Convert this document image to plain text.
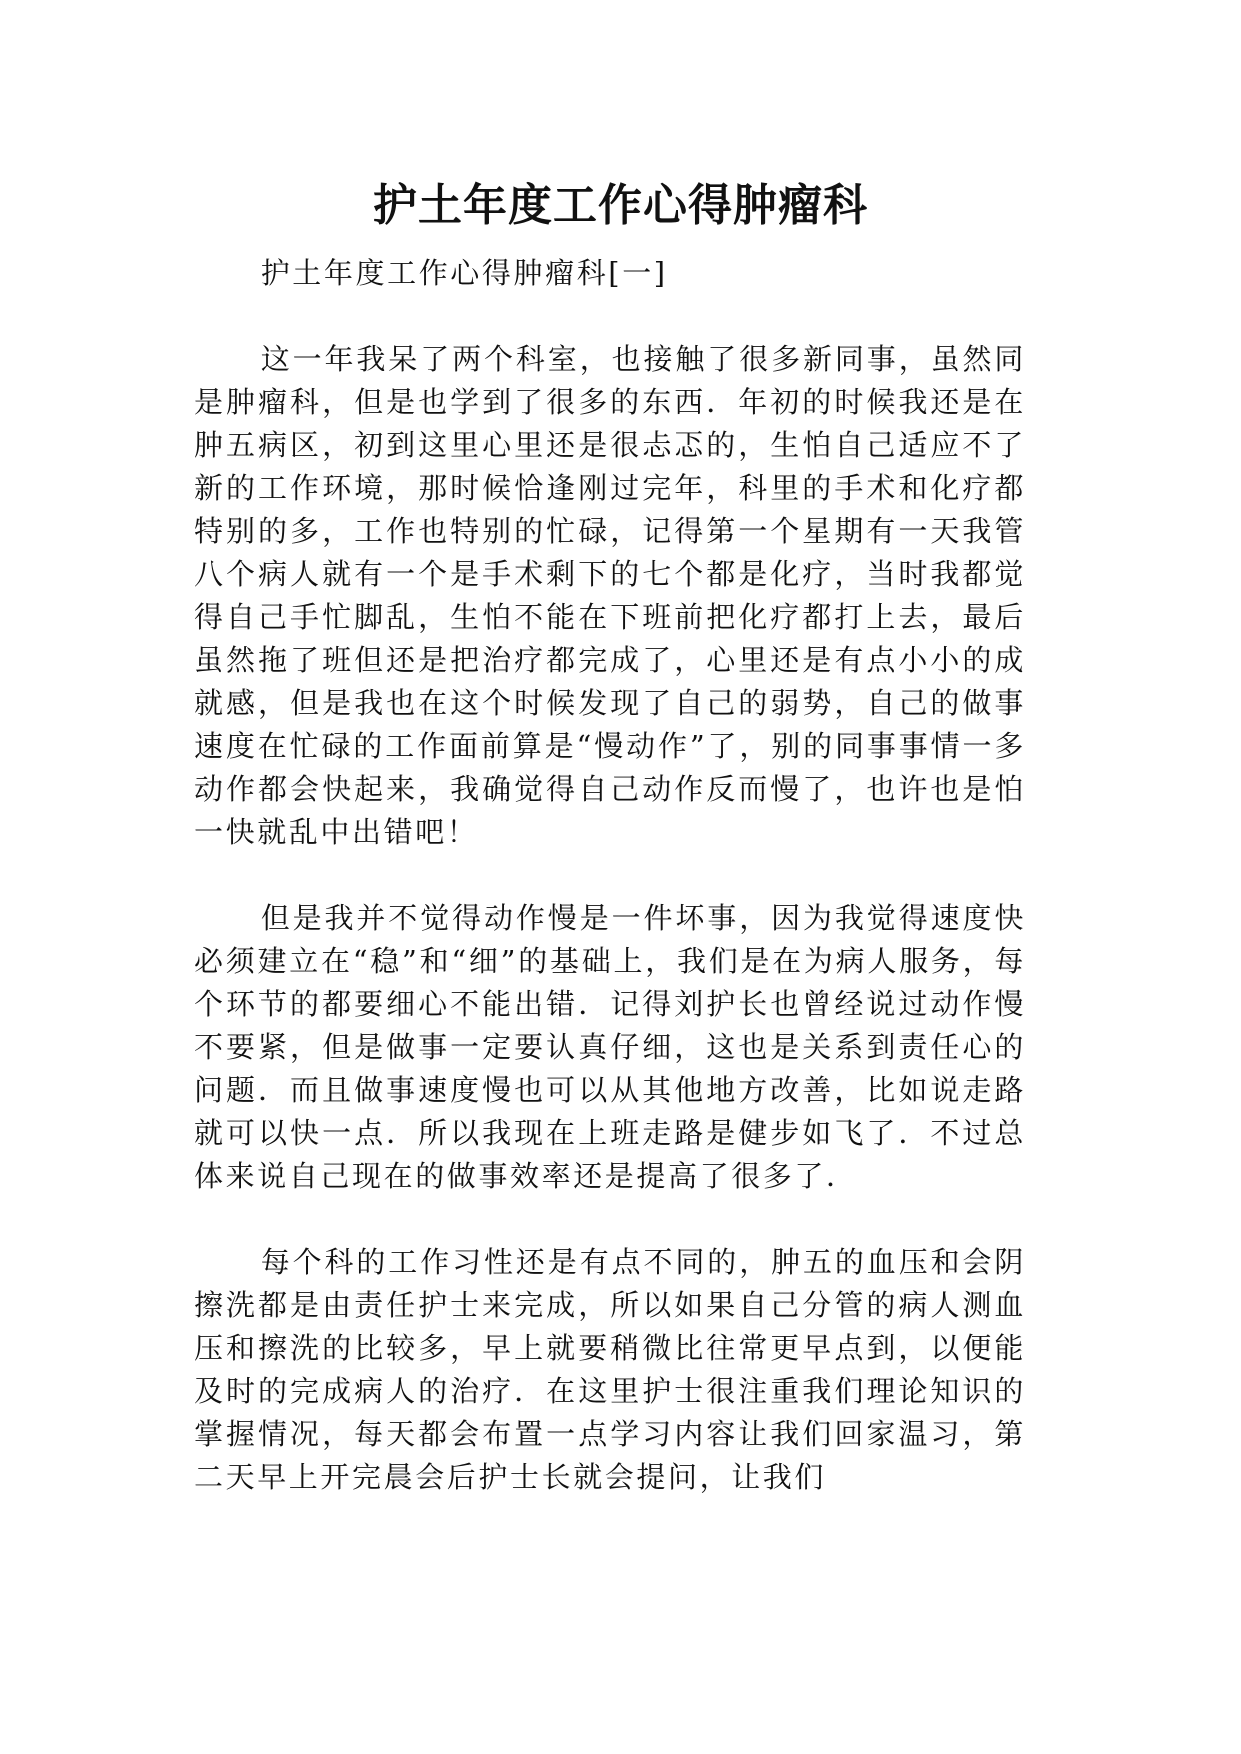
护土年度工作心得肿瘤科

护土年度工作心得肿瘤科[一]

这一年我呆了两个科室，也接触了很多新同事，虽然同是肿瘤科，但是也学到了很多的东西．年初的时候我还是在肿五病区，初到这里心里还是很忐忑的，生怕自己适应不了新的工作环境，那时候恰逢刚过完年，科里的手术和化疗都特别的多，工作也特别的忙碌，记得第一个星期有一天我管八个病人就有一个是手术剩下的七个都是化疗，当时我都觉得自己手忙脚乱，生怕不能在下班前把化疗都打上去，最后虽然拖了班但还是把治疗都完成了，心里还是有点小小的成就感，但是我也在这个时候发现了自己的弱势，自己的做事速度在忙碌的工作面前算是“慢动作”了，别的同事事情一多动作都会快起来，我确觉得自己动作反而慢了，也许也是怕一快就乱中出错吧！

但是我并不觉得动作慢是一件坏事，因为我觉得速度快必须建立在“稳”和“细”的基础上，我们是在为病人服务，每个环节的都要细心不能出错．记得刘护长也曾经说过动作慢不要紧，但是做事一定要认真仔细，这也是关系到责任心的问题．而且做事速度慢也可以从其他地方改善，比如说走路就可以快一点．所以我现在上班走路是健步如飞了．不过总体来说自己现在的做事效率还是提高了很多了．

每个科的工作习性还是有点不同的，肿五的血压和会阴擦洗都是由责任护士来完成，所以如果自己分管的病人测血压和擦洗的比较多，早上就要稍微比往常更早点到，以便能及时的完成病人的治疗．在这里护士很注重我们理论知识的掌握情况，每天都会布置一点学习内容让我们回家温习，第二天早上开完晨会后护士长就会提问，让我们
